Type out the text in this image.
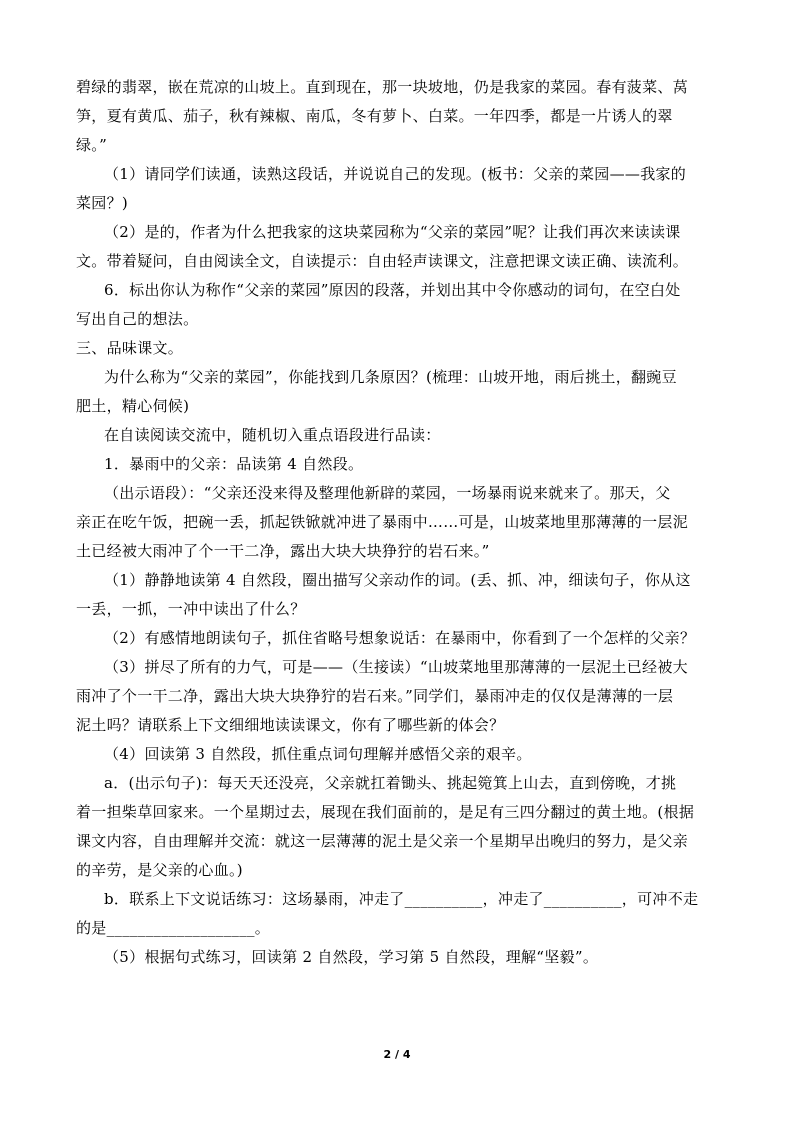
碧绿的翡翠，嵌在荒凉的山坡上。直到现在，那一块坡地，仍是我家的菜园。春有菠菜、莴
笋，夏有黄瓜、茄子，秋有辣椒、南瓜，冬有萝卜、白菜。一年四季，都是一片诱人的翠
绿。”
（1）请同学们读通，读熟这段话，并说说自己的发现。(板书：父亲的菜园——我家的
菜园？)
（2）是的，作者为什么把我家的这块菜园称为“父亲的菜园”呢？让我们再次来读读课
文。带着疑问，自由阅读全文，自读提示：自由轻声读课文，注意把课文读正确、读流利。
6．标出你认为称作“父亲的菜园”原因的段落，并划出其中令你感动的词句，在空白处
写出自己的想法。
三、品味课文。
为什么称为“父亲的菜园”，你能找到几条原因？(梳理：山坡开地，雨后挑土，翻豌豆
肥土，精心伺候)
在自读阅读交流中，随机切入重点语段进行品读：
1．暴雨中的父亲：品读第 4 自然段。
（出示语段）：“父亲还没来得及整理他新辟的菜园，一场暴雨说来就来了。那天，父
亲正在吃午饭，把碗一丢，抓起铁锨就冲进了暴雨中……可是，山坡菜地里那薄薄的一层泥
土已经被大雨冲了个一干二净，露出大块大块狰狞的岩石来。”
（1）静静地读第 4 自然段，圈出描写父亲动作的词。(丢、抓、冲，细读句子，你从这
一丢，一抓，一冲中读出了什么？
（2）有感情地朗读句子，抓住省略号想象说话：在暴雨中，你看到了一个怎样的父亲？
（3）拼尽了所有的力气，可是——（生接读）“山坡菜地里那薄薄的一层泥土已经被大
雨冲了个一干二净，露出大块大块狰狞的岩石来。”同学们，暴雨冲走的仅仅是薄薄的一层
泥土吗？请联系上下文细细地读读课文，你有了哪些新的体会？
（4）回读第 3 自然段，抓住重点词句理解并感悟父亲的艰辛。
a．(出示句子)：每天天还没亮，父亲就扛着锄头、挑起箢箕上山去，直到傍晚，才挑
着一担柴草回家来。一个星期过去，展现在我们面前的，是足有三四分翻过的黄土地。(根据
课文内容，自由理解并交流：就这一层薄薄的泥土是父亲一个星期早出晚归的努力，是父亲
的辛劳，是父亲的心血。)
b．联系上下文说话练习：这场暴雨，冲走了__________，冲走了__________，可冲不走
的是___________________。
（5）根据句式练习，回读第 2 自然段，学习第 5 自然段，理解“坚毅”。
2 / 4
